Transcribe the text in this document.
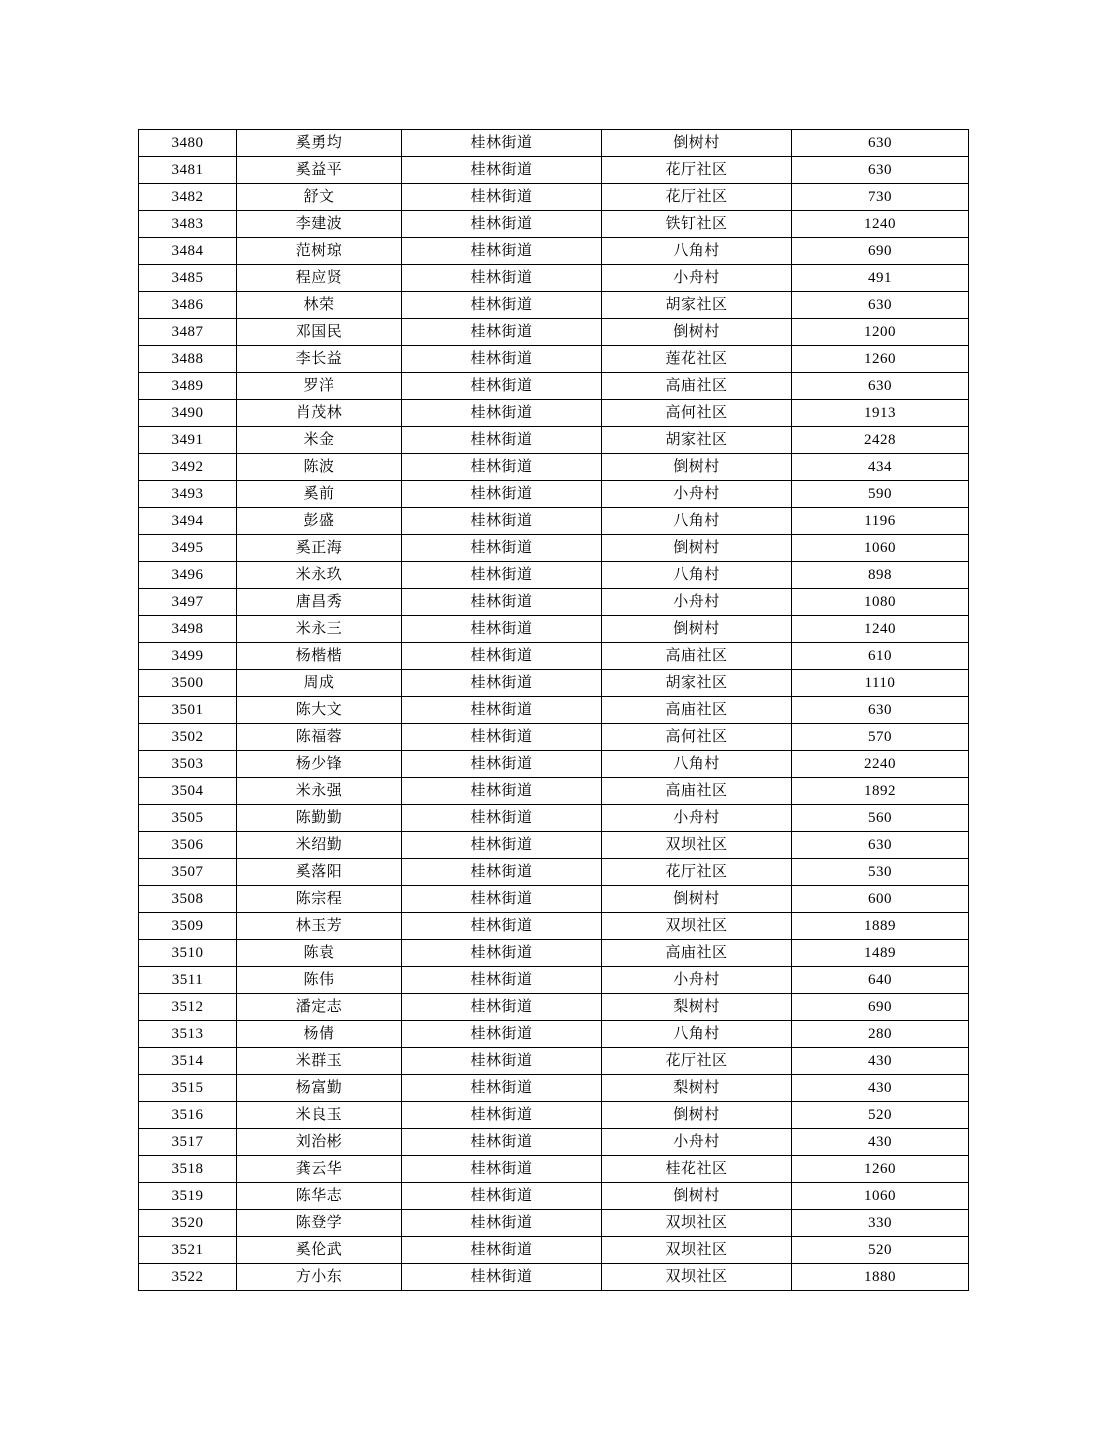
3480	奚勇均	桂林街道	倒树村	630
3481	奚益平	桂林街道	花厅社区	630
3482	舒文	桂林街道	花厅社区	730
3483	李建波	桂林街道	铁钉社区	1240
3484	范树琼	桂林街道	八角村	690
3485	程应贤	桂林街道	小舟村	491
3486	林荣	桂林街道	胡家社区	630
3487	邓国民	桂林街道	倒树村	1200
3488	李长益	桂林街道	莲花社区	1260
3489	罗洋	桂林街道	高庙社区	630
3490	肖茂林	桂林街道	高何社区	1913
3491	米金	桂林街道	胡家社区	2428
3492	陈波	桂林街道	倒树村	434
3493	奚前	桂林街道	小舟村	590
3494	彭盛	桂林街道	八角村	1196
3495	奚正海	桂林街道	倒树村	1060
3496	米永玖	桂林街道	八角村	898
3497	唐昌秀	桂林街道	小舟村	1080
3498	米永三	桂林街道	倒树村	1240
3499	杨楷楷	桂林街道	高庙社区	610
3500	周成	桂林街道	胡家社区	1110
3501	陈大文	桂林街道	高庙社区	630
3502	陈福蓉	桂林街道	高何社区	570
3503	杨少锋	桂林街道	八角村	2240
3504	米永强	桂林街道	高庙社区	1892
3505	陈勤勤	桂林街道	小舟村	560
3506	米绍勤	桂林街道	双坝社区	630
3507	奚落阳	桂林街道	花厅社区	530
3508	陈宗程	桂林街道	倒树村	600
3509	林玉芳	桂林街道	双坝社区	1889
3510	陈袁	桂林街道	高庙社区	1489
3511	陈伟	桂林街道	小舟村	640
3512	潘定志	桂林街道	梨树村	690
3513	杨倩	桂林街道	八角村	280
3514	米群玉	桂林街道	花厅社区	430
3515	杨富勤	桂林街道	梨树村	430
3516	米良玉	桂林街道	倒树村	520
3517	刘治彬	桂林街道	小舟村	430
3518	龚云华	桂林街道	桂花社区	1260
3519	陈华志	桂林街道	倒树村	1060
3520	陈登学	桂林街道	双坝社区	330
3521	奚伦武	桂林街道	双坝社区	520
3522	方小东	桂林街道	双坝社区	1880
